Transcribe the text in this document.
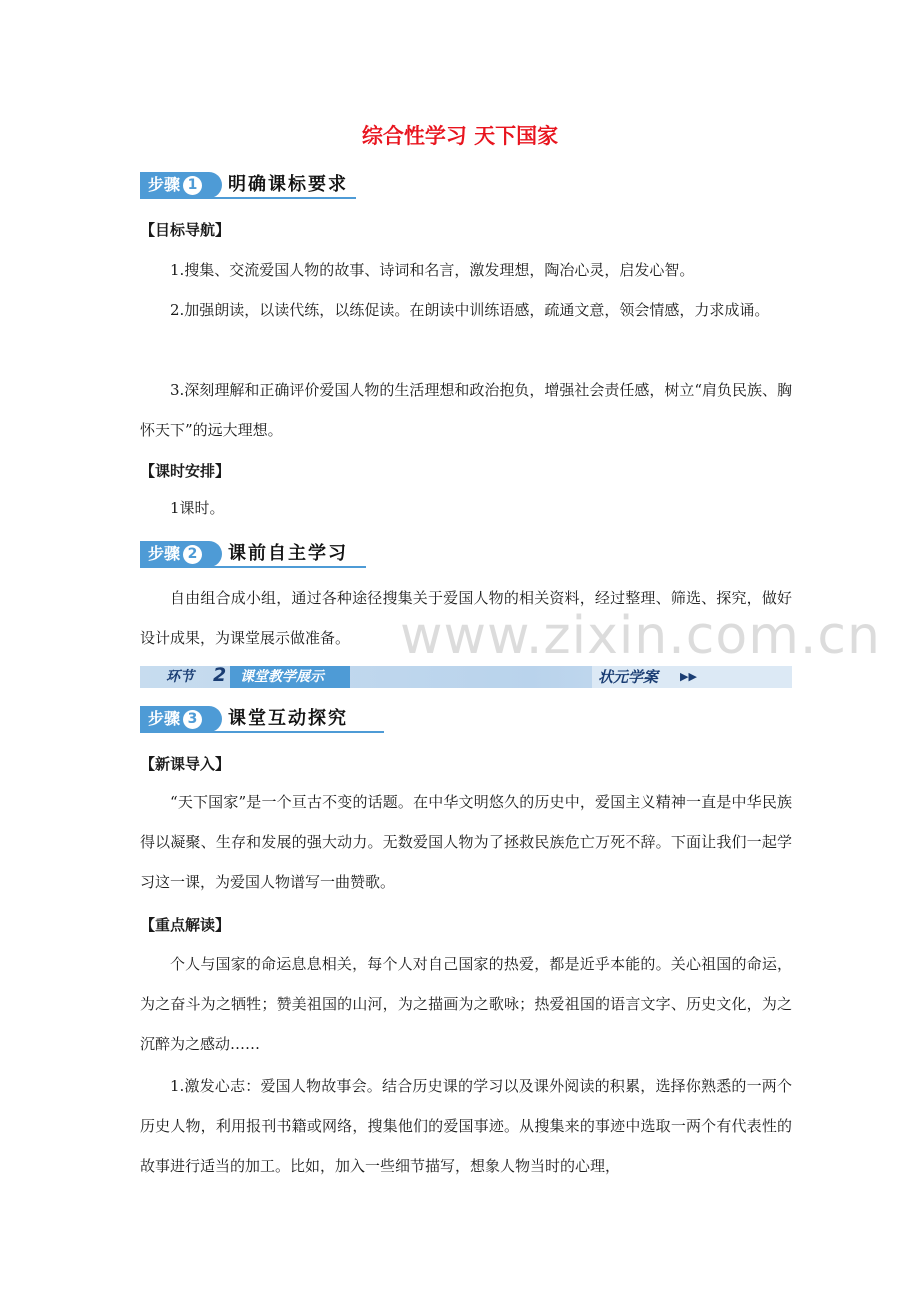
综合性学习 天下国家
步骤 1	明确课标要求
【目标导航】
1.搜集、交流爱国人物的故事、诗词和名言，激发理想，陶冶心灵，启发心智。
2.加强朗读，以读代练，以练促读。在朗读中训练语感，疏通文意，领会情感，力求成诵。
3.深刻理解和正确评价爱国人物的生活理想和政治抱负，增强社会责任感，树立“肩负民族、胸怀天下”的远大理想。
【课时安排】
1课时。
步骤 2	课前自主学习
www.zixin.com.cn
自由组合成小组，通过各种途径搜集关于爱国人物的相关资料，经过整理、筛选、探究，做好设计成果，为课堂展示做准备。
课堂教学展示
环节 2	状元学案 ▶▶
步骤 3	课堂互动探究
【新课导入】
“天下国家”是一个亘古不变的话题。在中华文明悠久的历史中，爱国主义精神一直是中华民族得以凝聚、生存和发展的强大动力。无数爱国人物为了拯救民族危亡万死不辞。下面让我们一起学习这一课，为爱国人物谱写一曲赞歌。
【重点解读】
个人与国家的命运息息相关，每个人对自己国家的热爱，都是近乎本能的。关心祖国的命运，为之奋斗为之牺牲；赞美祖国的山河，为之描画为之歌咏；热爱祖国的语言文字、历史文化，为之沉醉为之感动……
1.激发心志：爱国人物故事会。结合历史课的学习以及课外阅读的积累，选择你熟悉的一两个历史人物，利用报刊书籍或网络，搜集他们的爱国事迹。从搜集来的事迹中选取一两个有代表性的故事进行适当的加工。比如，加入一些细节描写，想象人物当时的心理，
